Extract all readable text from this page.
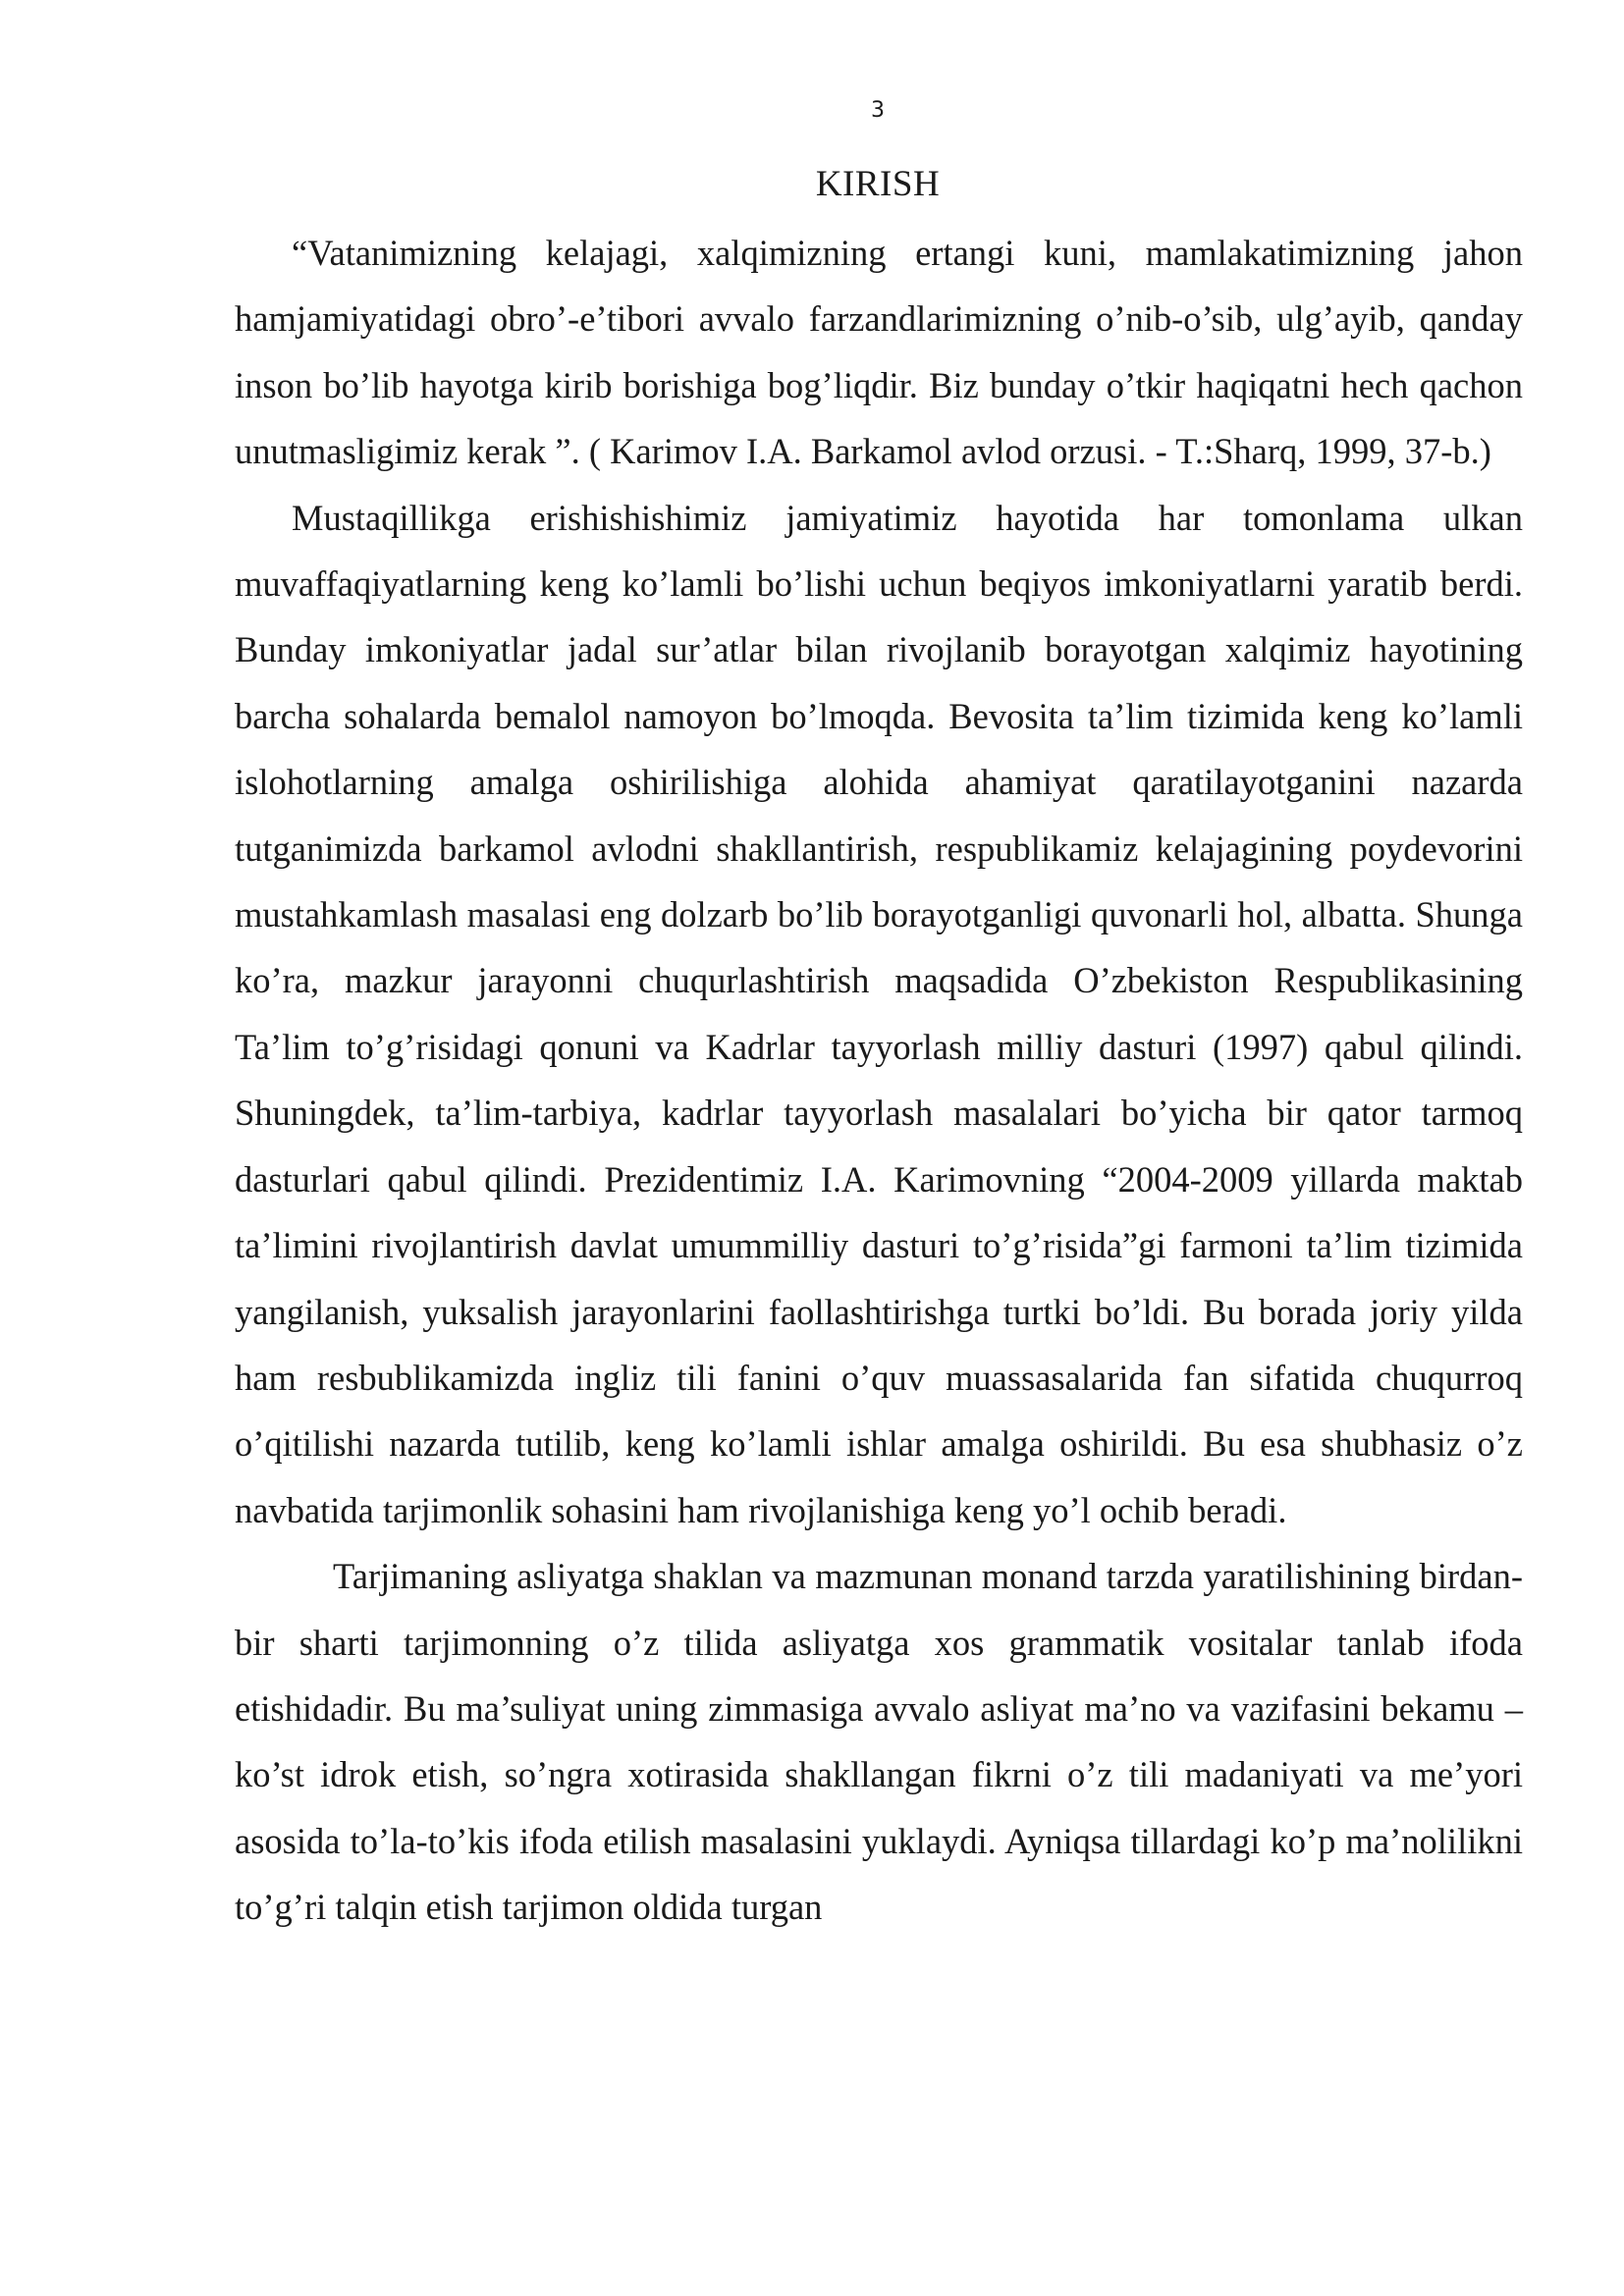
3
KIRISH

“Vatanimizning kelajagi, xalqimizning ertangi kuni, mamlakatimizning jahon hamjamiyatidagi obro’-e’tibori avvalo farzandlarimizning o’nib-o’sib, ulg’ayib, qanday inson bo’lib hayotga kirib borishiga bog’liqdir. Biz bunday o’tkir haqiqatni hech qachon unutmasligimiz kerak ”. ( Karimov I.A. Barkamol avlod orzusi. - T.:Sharq, 1999, 37-b.)

Mustaqillikga erishishishimiz jamiyatimiz hayotida har tomonlama ulkan muvaffaqiyatlarning keng ko’lamli bo’lishi uchun beqiyos imkoniyatlarni yaratib berdi. Bunday imkoniyatlar jadal sur’atlar bilan rivojlanib borayotgan xalqimiz hayotining barcha sohalarda bemalol namoyon bo’lmoqda. Bevosita ta’lim tizimida keng ko’lamli islohotlarning amalga oshirilishiga alohida ahamiyat qaratilayotganini nazarda tutganimizda barkamol avlodni shakllantirish, respublikamiz kelajagining poydevorini mustahkamlash masalasi eng dolzarb bo’lib borayotganligi quvonarli hol, albatta. Shunga ko’ra, mazkur jarayonni chuqurlashtirish maqsadida O’zbekiston Respublikasining Ta’lim to’g’risidagi qonuni va Kadrlar tayyorlash milliy dasturi (1997) qabul qilindi. Shuningdek, ta’lim-tarbiya, kadrlar tayyorlash masalalari bo’yicha bir qator tarmoq dasturlari qabul qilindi. Prezidentimiz I.A. Karimovning “2004-2009 yillarda maktab ta’limini rivojlantirish davlat umummilliy dasturi to’g’risida”gi farmoni ta’lim tizimida yangilanish, yuksalish jarayonlarini faollashtirishga turtki bo’ldi. Bu borada joriy yilda ham resbublikamizda ingliz tili fanini o’quv muassasalarida fan sifatida chuqurroq o’qitilishi nazarda tutilib, keng ko’lamli ishlar amalga oshirildi. Bu esa shubhasiz o’z navbatida tarjimonlik sohasini ham rivojlanishiga keng yo’l ochib beradi.

Tarjimaning asliyatga shaklan va mazmunan monand tarzda yaratilishining birdan-bir sharti tarjimonning o’z tilida asliyatga xos grammatik vositalar tanlab ifoda etishidadir. Bu ma’suliyat uning zimmasiga avvalo asliyat ma’no va vazifasini bekamu –ko’st idrok etish, so’ngra xotirasida shakllangan fikrni o’z tili madaniyati va me’yori asosida to’la-to’kis ifoda etilish masalasini yuklaydi. Ayniqsa tillardagi ko’p ma’nolilikni to’g’ri talqin etish tarjimon oldida turgan
